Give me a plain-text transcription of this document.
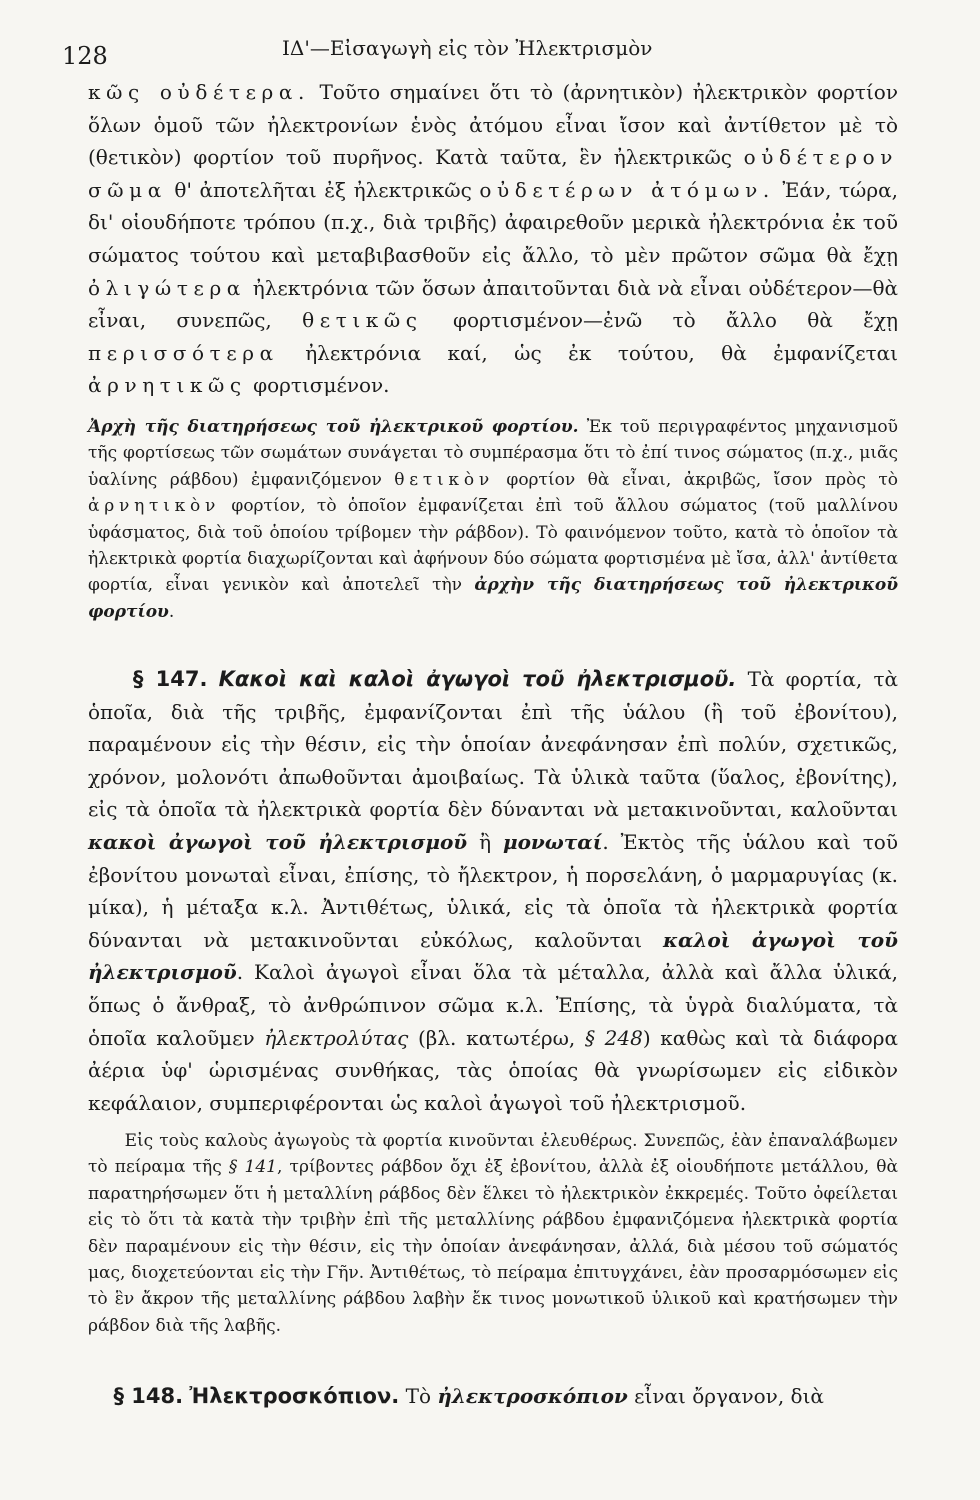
128	ΙΔ'—Εἰσαγωγὴ εἰς τὸν Ἠλεκτρισμὸν

κῶς οὐδέτερα. Τοῦτο σημαίνει ὅτι τὸ (ἀρνητικὸν) ἠλεκτρικὸν φορτίον ὅλων ὁμοῦ τῶν ἠλεκτρονίων ἑνὸς ἀτόμου εἶναι ἴσον καὶ ἀντίθετον μὲ τὸ (θετικὸν) φορτίον τοῦ πυρῆνος. Κατὰ ταῦτα, ἓν ἠλεκτρικῶς οὐδέτερον σῶμα θ' ἀποτελῆται ἐξ ἠλεκτρικῶς οὐδετέρων ἀτόμων. Ἐάν, τώρα, δι' οἱουδήποτε τρόπου (π.χ., διὰ τριβῆς) ἀφαιρεθοῦν μερικὰ ἠλεκτρόνια ἐκ τοῦ σώματος τούτου καὶ μεταβιβασθοῦν εἰς ἄλλο, τὸ μὲν πρῶτον σῶμα θὰ ἔχῃ ὀλιγώτερα ἠλεκτρόνια τῶν ὅσων ἀπαιτοῦνται διὰ νὰ εἶναι οὐδέτερον—θὰ εἶναι, συνεπῶς, θετικῶς φορτισμένον—ἐνῶ τὸ ἄλλο θὰ ἔχῃ περισσότερα ἠλεκτρόνια καί, ὡς ἐκ τούτου, θὰ ἐμφανίζεται ἀρνητικῶς φορτισμένον.

Ἀρχὴ τῆς διατηρήσεως τοῦ ἠλεκτρικοῦ φορτίου. Ἐκ τοῦ περιγραφέντος μηχανισμοῦ τῆς φορτίσεως τῶν σωμάτων συνάγεται τὸ συμπέρασμα ὅτι τὸ ἐπί τινος σώματος (π.χ., μιᾶς ὑαλίνης ράβδου) ἐμφανιζόμενον θετικὸν φορτίον θὰ εἶναι, ἀκριβῶς, ἴσον πρὸς τὸ ἀρνητικὸν φορτίον, τὸ ὁποῖον ἐμφανίζεται ἐπὶ τοῦ ἄλλου σώματος (τοῦ μαλλίνου ὑφάσματος, διὰ τοῦ ὁποίου τρίβομεν τὴν ράβδον). Τὸ φαινόμενον τοῦτο, κατὰ τὸ ὁποῖον τὰ ἠλεκτρικὰ φορτία διαχωρίζονται καὶ ἀφήνουν δύο σώματα φορτισμένα μὲ ἴσα, ἀλλ' ἀντίθετα φορτία, εἶναι γενικὸν καὶ ἀποτελεῖ τὴν ἀρχὴν τῆς διατηρήσεως τοῦ ἠλεκτρικοῦ φορτίου.

§ 147. Κακοὶ καὶ καλοὶ ἀγωγοὶ τοῦ ἠλεκτρισμοῦ. Τὰ φορτία, τὰ ὁποῖα, διὰ τῆς τριβῆς, ἐμφανίζονται ἐπὶ τῆς ὑάλου (ἢ τοῦ ἐβονίτου), παραμένουν εἰς τὴν θέσιν, εἰς τὴν ὁποίαν ἀνεφάνησαν ἐπὶ πολύν, σχετικῶς, χρόνον, μολονότι ἀπωθοῦνται ἀμοιβαίως. Τὰ ὑλικὰ ταῦτα (ὕαλος, ἐβονίτης), εἰς τὰ ὁποῖα τὰ ἠλεκτρικὰ φορτία δὲν δύνανται νὰ μετακινοῦνται, καλοῦνται κακοὶ ἀγωγοὶ τοῦ ἠλεκτρισμοῦ ἢ μονωταί. Ἐκτὸς τῆς ὑάλου καὶ τοῦ ἐβονίτου μονωταὶ εἶναι, ἐπίσης, τὸ ἤλεκτρον, ἡ πορσελάνη, ὁ μαρμαρυγίας (κ. μίκα), ἡ μέταξα κ.λ. Ἀντιθέτως, ὑλικά, εἰς τὰ ὁποῖα τὰ ἠλεκτρικὰ φορτία δύνανται νὰ μετακινοῦνται εὐκόλως, καλοῦνται καλοὶ ἀγωγοὶ τοῦ ἠλεκτρισμοῦ. Καλοὶ ἀγωγοὶ εἶναι ὅλα τὰ μέταλλα, ἀλλὰ καὶ ἄλλα ὑλικά, ὅπως ὁ ἄνθραξ, τὸ ἀνθρώπινον σῶμα κ.λ. Ἐπίσης, τὰ ὑγρὰ διαλύματα, τὰ ὁποῖα καλοῦμεν ἠλεκτρολύτας (βλ. κατωτέρω, § 248) καθὼς καὶ τὰ διάφορα ἀέρια ὑφ' ὡρισμένας συνθήκας, τὰς ὁποίας θὰ γνωρίσωμεν εἰς εἰδικὸν κεφάλαιον, συμπεριφέρονται ὡς καλοὶ ἀγωγοὶ τοῦ ἠλεκτρισμοῦ.

Εἰς τοὺς καλοὺς ἀγωγοὺς τὰ φορτία κινοῦνται ἐλευθέρως. Συνεπῶς, ἐὰν ἐπαναλάβωμεν τὸ πείραμα τῆς § 141, τρίβοντες ράβδον ὄχι ἐξ ἐβονίτου, ἀλλὰ ἐξ οἱουδήποτε μετάλλου, θὰ παρατηρήσωμεν ὅτι ἡ μεταλλίνη ράβδος δὲν ἕλκει τὸ ἠλεκτρικὸν ἐκκρεμές. Τοῦτο ὀφείλεται εἰς τὸ ὅτι τὰ κατὰ τὴν τριβὴν ἐπὶ τῆς μεταλλίνης ράβδου ἐμφανιζόμενα ἠλεκτρικὰ φορτία δὲν παραμένουν εἰς τὴν θέσιν, εἰς τὴν ὁποίαν ἀνεφάνησαν, ἀλλά, διὰ μέσου τοῦ σώματός μας, διοχετεύονται εἰς τὴν Γῆν. Ἀντιθέτως, τὸ πείραμα ἐπιτυγχάνει, ἐὰν προσαρμόσωμεν εἰς τὸ ἓν ἄκρον τῆς μεταλλίνης ράβδου λαβὴν ἔκ τινος μονωτικοῦ ὑλικοῦ καὶ κρατήσωμεν τὴν ράβδον διὰ τῆς λαβῆς.

§ 148. Ἠλεκτροσκόπιον. Τὸ ἠλεκτροσκόπιον εἶναι ὄργανον, διὰ
